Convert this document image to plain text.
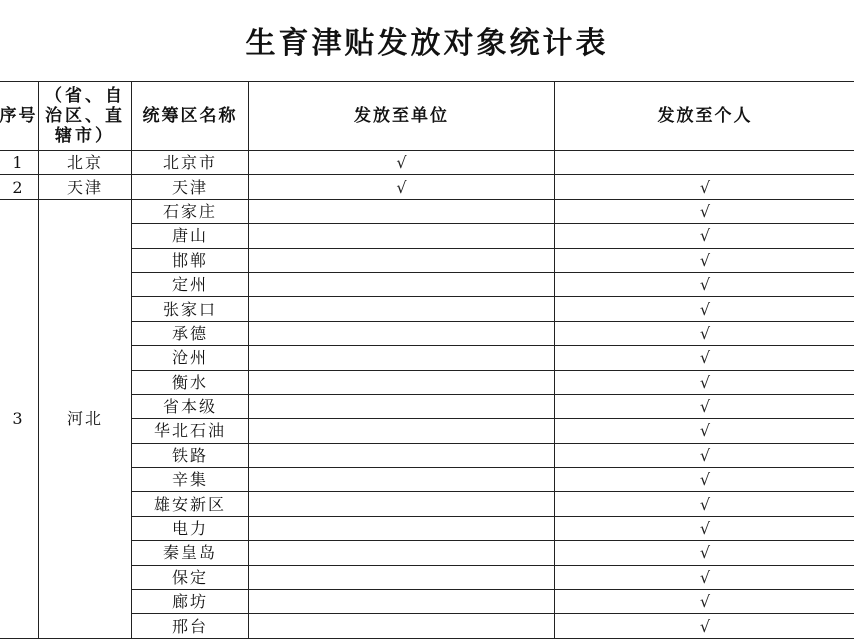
生育津贴发放对象统计表
序号	（省、自治区、直辖市）	统筹区名称	发放至单位	发放至个人
1	北京	北京市	√	
2	天津	天津	√	√
3	河北	石家庄		√
		唐山		√
		邯郸		√
		定州		√
		张家口		√
		承德		√
		沧州		√
		衡水		√
		省本级		√
		华北石油		√
		铁路		√
		辛集		√
		雄安新区		√
		电力		√
		秦皇岛		√
		保定		√
		廊坊		√
		邢台		√
